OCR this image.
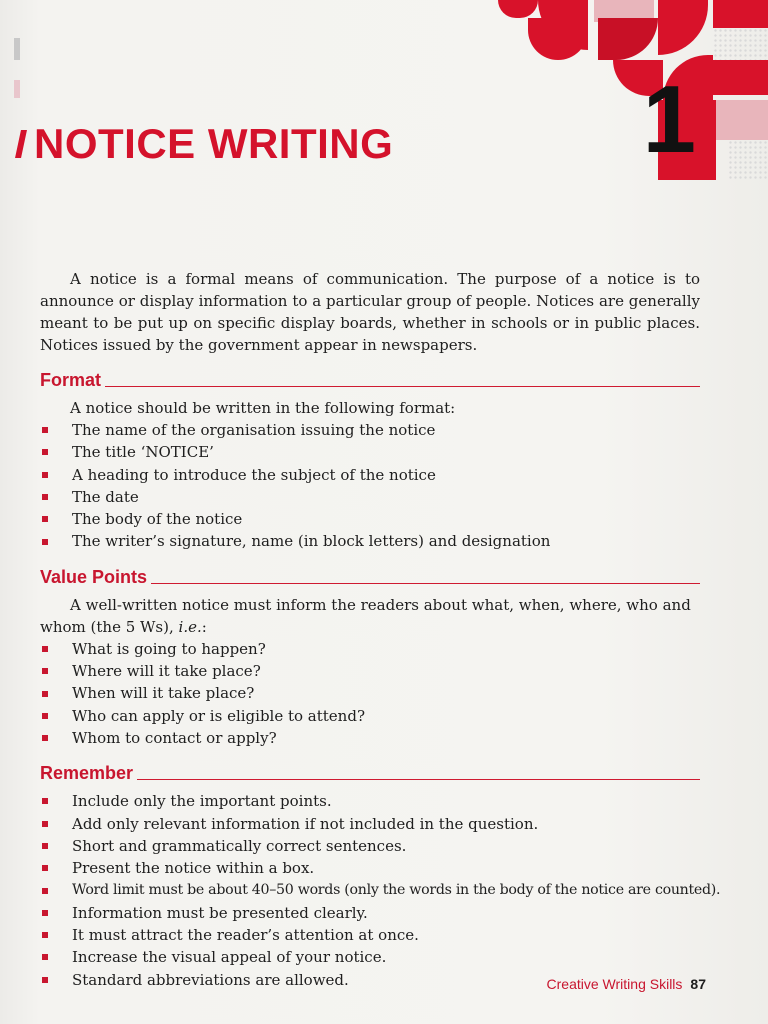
1
NOTICE WRITING

A notice is a formal means of communication. The purpose of a notice is to announce or display information to a particular group of people. Notices are generally meant to be put up on specific display boards, whether in schools or in public places. Notices issued by the government appear in newspapers.

Format

A notice should be written in the following format:

The name of the organisation issuing the notice
The title ‘NOTICE’
A heading to introduce the subject of the notice
The date
The body of the notice
The writer’s signature, name (in block letters) and designation
Value Points

A well-written notice must inform the readers about what, when, where, who and whom (the 5 Ws), i.e.:

What is going to happen?
Where will it take place?
When will it take place?
Who can apply or is eligible to attend?
Whom to contact or apply?
Remember
Include only the important points.
Add only relevant information if not included in the question.
Short and grammatically correct sentences.
Present the notice within a box.
Word limit must be about 40–50 words (only the words in the body of the notice are counted).
Information must be presented clearly.
It must attract the reader’s attention at once.
Increase the visual appeal of your notice.
Standard abbreviations are allowed.	Creative Writing Skills 87
